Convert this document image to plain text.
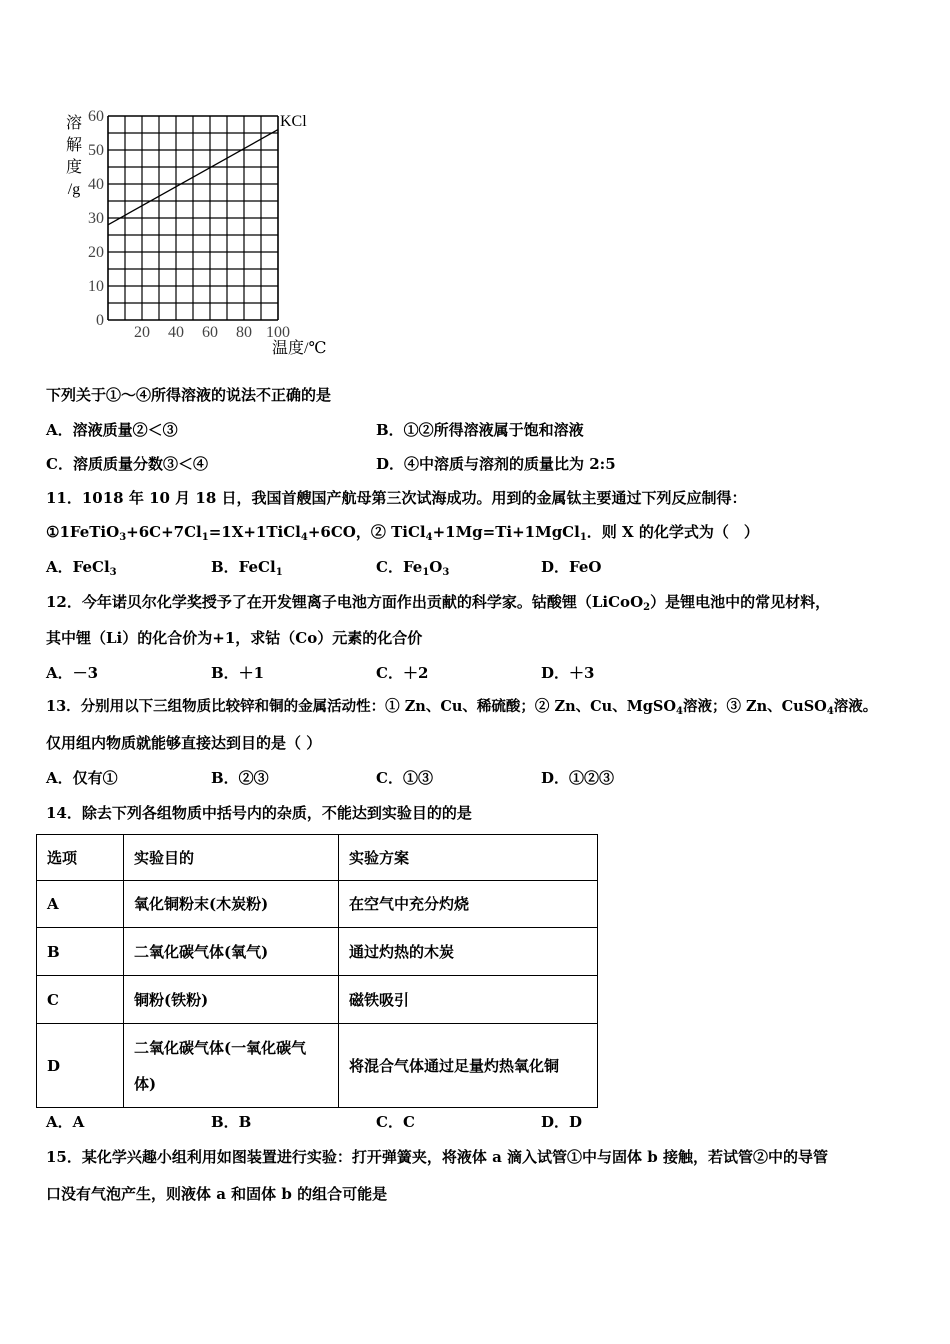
0
10
20
30
40
50
60
20 40 60 80 100
溶
解
度
/g
温度/℃
KCl
下列关于①～④所得溶液的说法不正确的是
A．溶液质量②＜③	B．①②所得溶液属于饱和溶液
C．溶质质量分数③＜④	D．④中溶质与溶剂的质量比为 2:5
11．1018 年 10 月 18 日，我国首艘国产航母第三次试海成功。用到的金属钛主要通过下列反应制得：
$①1FeTiO_3+6C+7Cl_1=1X+1TiCl_4+6CO$，② TiCl$_4$+1Mg=Ti+1MgCl$_1$．则 X 的化学式为（　）
A．FeCl$_3$	B．FeCl$_1$	C．$Fe_1O_3$	D．FeO
12．今年诺贝尔化学奖授予了在开发锂离子电池方面作出贡献的科学家。钴酸锂（LiCoO$_2$）是锂电池中的常见材料，
其中锂（Li）的化合价为+1，求钴（Co）元素的化合价
A．－3	B．＋1	C．＋2	D．＋3
13．分别用以下三组物质比较锌和铜的金属活动性：① Zn、Cu、稀硫酸；② Zn、Cu、MgSO$_4$溶液；③ Zn、CuSO$_4$溶液。
仅用组内物质就能够直接达到目的是（ ）
A．仅有①	B．②③	C．①③	D．①②③
14．除去下列各组物质中括号内的杂质，不能达到实验目的的是
选项	实验目的	实验方案
A	氧化铜粉末(木炭粉)	在空气中充分灼烧
B	二氧化碳气体(氧气)	通过灼热的木炭
C	铜粉(铁粉)	磁铁吸引
D	二氧化碳气体(一氧化碳气体)	将混合气体通过足量灼热氧化铜
A．A	B．B	C．C	D．D
15．某化学兴趣小组利用如图装置进行实验：打开弹簧夹，将液体 a 滴入试管①中与固体 b 接触，若试管②中的导管
口没有气泡产生，则液体 a 和固体 b 的组合可能是
